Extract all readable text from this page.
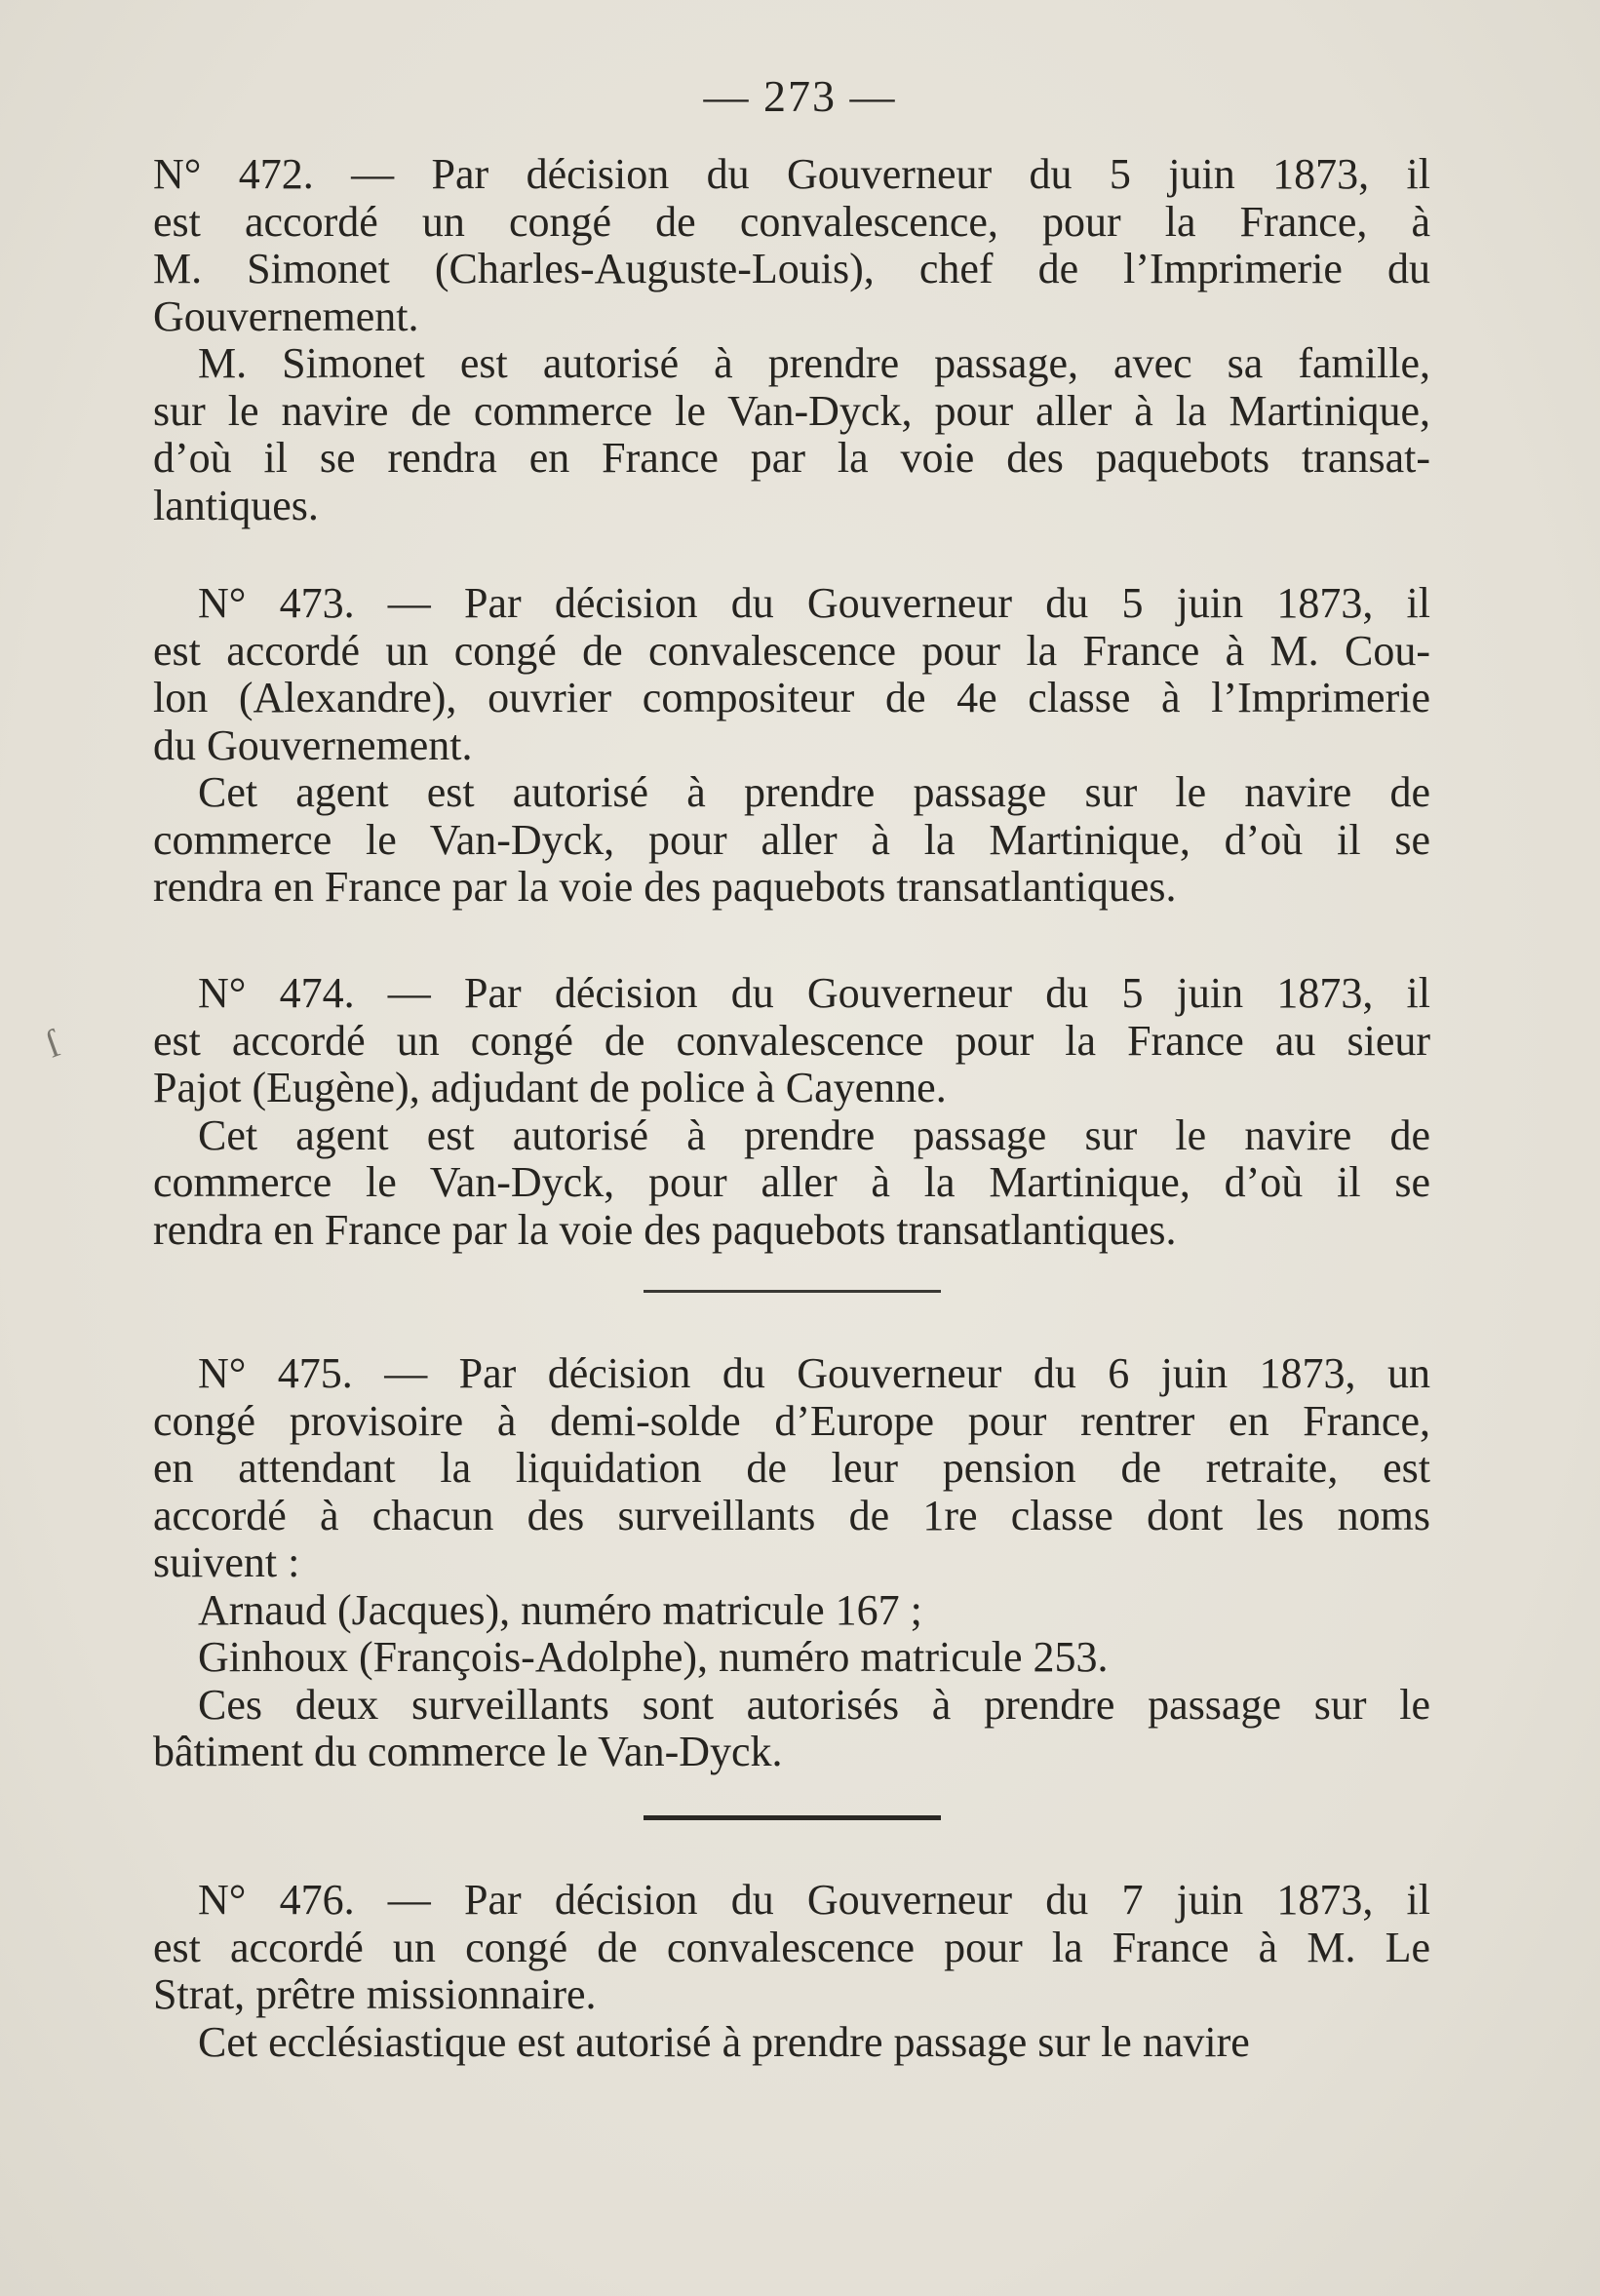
— 273 —
N° 472. — Par décision du Gouverneur du 5 juin 1873, il
est accordé un congé de convalescence, pour la France, à
M. Simonet (Charles-Auguste-Louis), chef de l’Imprimerie du
Gouvernement.
M. Simonet est autorisé à prendre passage, avec sa famille,
sur le navire de commerce le Van-Dyck, pour aller à la Martinique,
d’où il se rendra en France par la voie des paquebots transat-
lantiques.
N° 473. — Par décision du Gouverneur du 5 juin 1873, il
est accordé un congé de convalescence pour la France à M. Cou-
lon (Alexandre), ouvrier compositeur de 4e classe à l’Imprimerie
du Gouvernement.
Cet agent est autorisé à prendre passage sur le navire de
commerce le Van-Dyck, pour aller à la Martinique, d’où il se
rendra en France par la voie des paquebots transatlantiques.
N° 474. — Par décision du Gouverneur du 5 juin 1873, il
est accordé un congé de convalescence pour la France au sieur
Pajot (Eugène), adjudant de police à Cayenne.
Cet agent est autorisé à prendre passage sur le navire de
commerce le Van-Dyck, pour aller à la Martinique, d’où il se
rendra en France par la voie des paquebots transatlantiques.
N° 475. — Par décision du Gouverneur du 6 juin 1873, un
congé provisoire à demi-solde d’Europe pour rentrer en France,
en attendant la liquidation de leur pension de retraite, est
accordé à chacun des surveillants de 1re classe dont les noms
suivent :
Arnaud (Jacques), numéro matricule 167 ;
Ginhoux (François-Adolphe), numéro matricule 253.
Ces deux surveillants sont autorisés à prendre passage sur le
bâtiment du commerce le Van-Dyck.
N° 476. — Par décision du Gouverneur du 7 juin 1873, il
est accordé un congé de convalescence pour la France à M. Le
Strat, prêtre missionnaire.
Cet ecclésiastique est autorisé à prendre passage sur le navire
ſ
